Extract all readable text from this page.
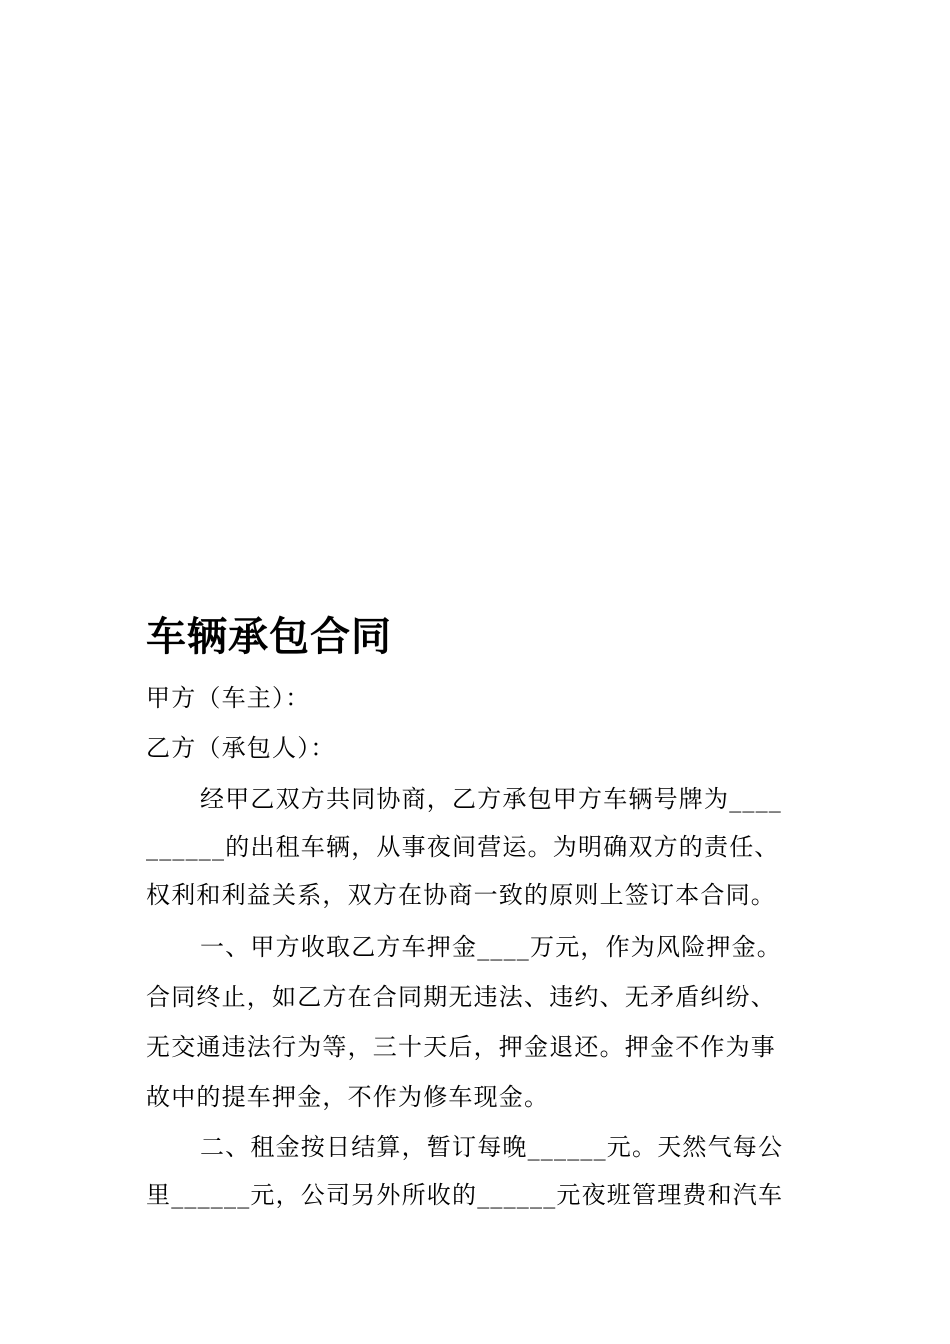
车辆承包合同
甲方（车主）：
乙方（承包人）：
经甲乙双方共同协商，乙方承包甲方车辆号牌为____
______的出租车辆，从事夜间营运。为明确双方的责任、
权利和利益关系，双方在协商一致的原则上签订本合同。
一、甲方收取乙方车押金____万元，作为风险押金。
合同终止，如乙方在合同期无违法、违约、无矛盾纠纷、
无交通违法行为等，三十天后，押金退还。押金不作为事
故中的提车押金，不作为修车现金。
二、租金按日结算，暂订每晚______元。天然气每公
里______元，公司另外所收的______元夜班管理费和汽车
